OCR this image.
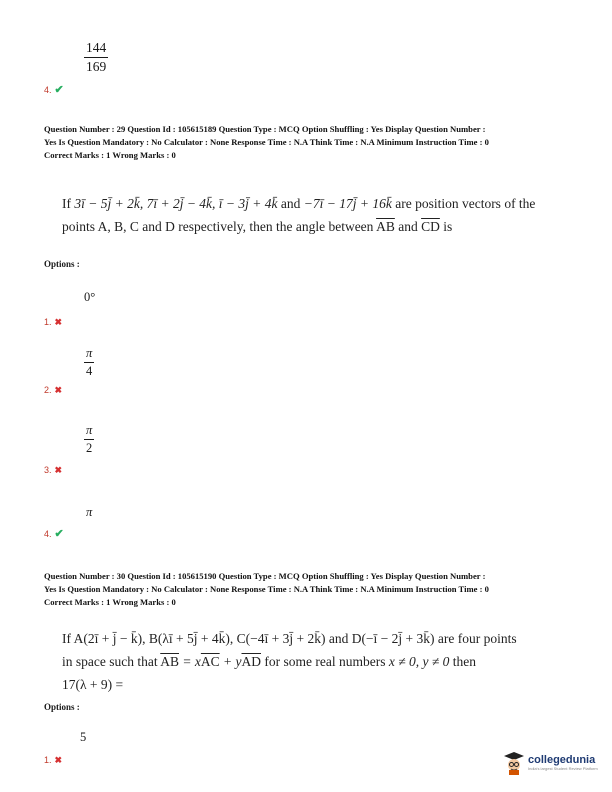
$\frac{144}{169}$
4. ✔
Question Number : 29 Question Id : 105615189 Question Type : MCQ Option Shuffling : Yes Display Question Number :
Yes Is Question Mandatory : No Calculator : None Response Time : N.A Think Time : N.A Minimum Instruction Time : 0
Correct Marks : 1 Wrong Marks : 0
If 3ī − 5j̄ + 2k̄, 7ī + 2j̄ − 4k̄, ī − 3j̄ + 4k̄ and −7ī − 17j̄ + 16k̄ are position vectors of the
points A, B, C and D respectively, then the angle between $\overline{AB}$ and $\overline{CD}$ is
Options :
0°
1. ✖
$\frac{\pi}{4}$
2. ✖
$\frac{\pi}{2}$
3. ✖
π
4. ✔
Question Number : 30 Question Id : 105615190 Question Type : MCQ Option Shuffling : Yes Display Question Number :
Yes Is Question Mandatory : No Calculator : None Response Time : N.A Think Time : N.A Minimum Instruction Time : 0
Correct Marks : 1 Wrong Marks : 0
If A(2ī + j̄ − k̄), B(λī + 5j̄ + 4k̄), C(−4ī + 3j̄ + 2k̄) and D(−ī − 2j̄ + 3k̄) are four points
in space such that $\overline{AB} = x\overline{AC} + y\overline{AD}$ for some real numbers x ≠ 0, y ≠ 0 then
17(λ + 9) =
Options :
5
1. ✖	collegedunia
India's largest Student Review Platform
